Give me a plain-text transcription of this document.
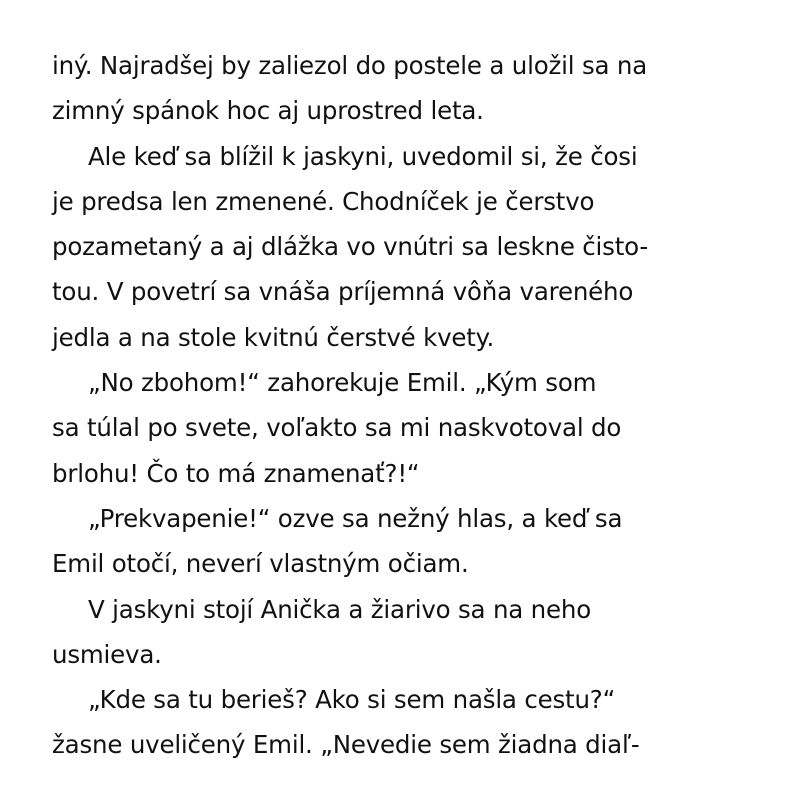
iný. Najradšej by zaliezol do postele a uložil sa na
zimný spánok hoc aj uprostred leta.
Ale keď sa blížil k jaskyni, uvedomil si, že čosi
je predsa len zmenené. Chodníček je čerstvo
pozametaný a aj dlážka vo vnútri sa leskne čisto-
tou. V povetrí sa vnáša príjemná vôňa vareného
jedla a na stole kvitnú čerstvé kvety.
„No zbohom!“ zahorekuje Emil. „Kým som
sa túlal po svete, voľakto sa mi naskvotoval do
brlohu! Čo to má znamenať?!“
„Prekvapenie!“ ozve sa nežný hlas, a keď sa
Emil otočí, neverí vlastným očiam.
V jaskyni stojí Anička a žiarivo sa na neho
usmieva.
„Kde sa tu berieš? Ako si sem našla cestu?“
žasne uveličený Emil. „Nevedie sem žiadna diaľ-
